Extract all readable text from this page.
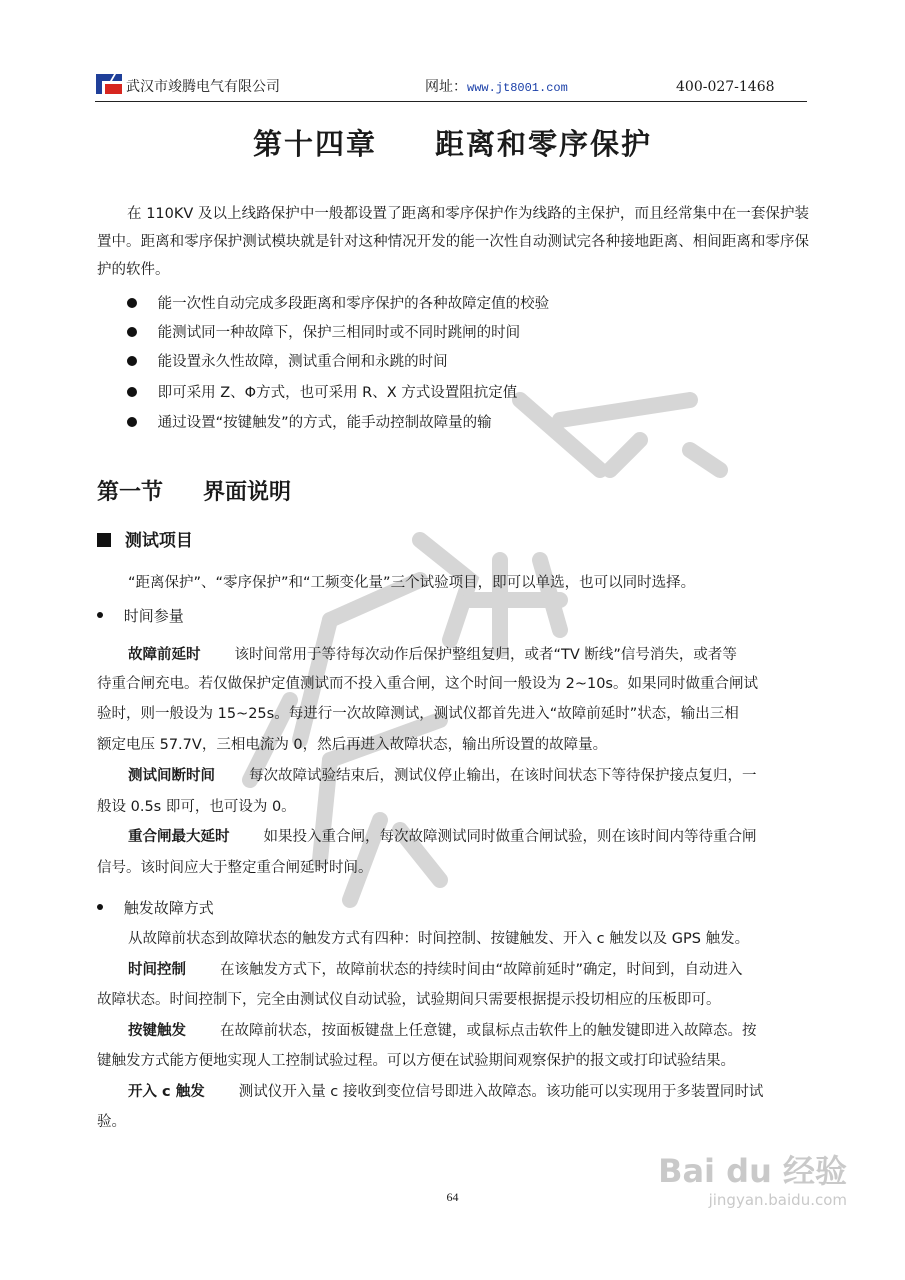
武汉市竣腾电气有限公司	网址：www.jt8001.com	400-027-1468
第十四章 距离和零序保护
在 110KV 及以上线路保护中一般都设置了距离和零序保护作为线路的主保护，而且经常集中在一套保护装置中。距离和零序保护测试模块就是针对这种情况开发的能一次性自动测试完各种接地距离、相间距离和零序保护的软件。
能一次性自动完成多段距离和零序保护的各种故障定值的校验
能测试同一种故障下，保护三相同时或不同时跳闸的时间
能设置永久性故障，测试重合闸和永跳的时间
即可采用 Z、Φ方式，也可采用 R、X 方式设置阻抗定值
通过设置“按键触发”的方式，能手动控制故障量的输
第一节 界面说明
测试项目
“距离保护”、“零序保护”和“工频变化量”三个试验项目，即可以单选，也可以同时选择。
时间参量
故障前延时 该时间常用于等待每次动作后保护整组复归，或者“TV 断线”信号消失，或者等
待重合闸充电。若仅做保护定值测试而不投入重合闸，这个时间一般设为 2~10s。如果同时做重合闸试
验时，则一般设为 15~25s。每进行一次故障测试，测试仪都首先进入“故障前延时”状态，输出三相
额定电压 57.7V，三相电流为 0，然后再进入故障状态，输出所设置的故障量。
测试间断时间 每次故障试验结束后，测试仪停止输出，在该时间状态下等待保护接点复归，一
般设 0.5s 即可，也可设为 0。
重合闸最大延时 如果投入重合闸，每次故障测试同时做重合闸试验，则在该时间内等待重合闸
信号。该时间应大于整定重合闸延时时间。
触发故障方式
从故障前状态到故障状态的触发方式有四种：时间控制、按键触发、开入 c 触发以及 GPS 触发。
时间控制 在该触发方式下，故障前状态的持续时间由“故障前延时”确定，时间到，自动进入
故障状态。时间控制下，完全由测试仪自动试验，试验期间只需要根据提示投切相应的压板即可。
按键触发 在故障前状态，按面板键盘上任意键，或鼠标点击软件上的触发键即进入故障态。按
键触发方式能方便地实现人工控制试验过程。可以方便在试验期间观察保护的报文或打印试验结果。
开入 c 触发 测试仪开入量 c 接收到变位信号即进入故障态。该功能可以实现用于多装置同时试
验。
64
Bai du 经验
jingyan.baidu.com
